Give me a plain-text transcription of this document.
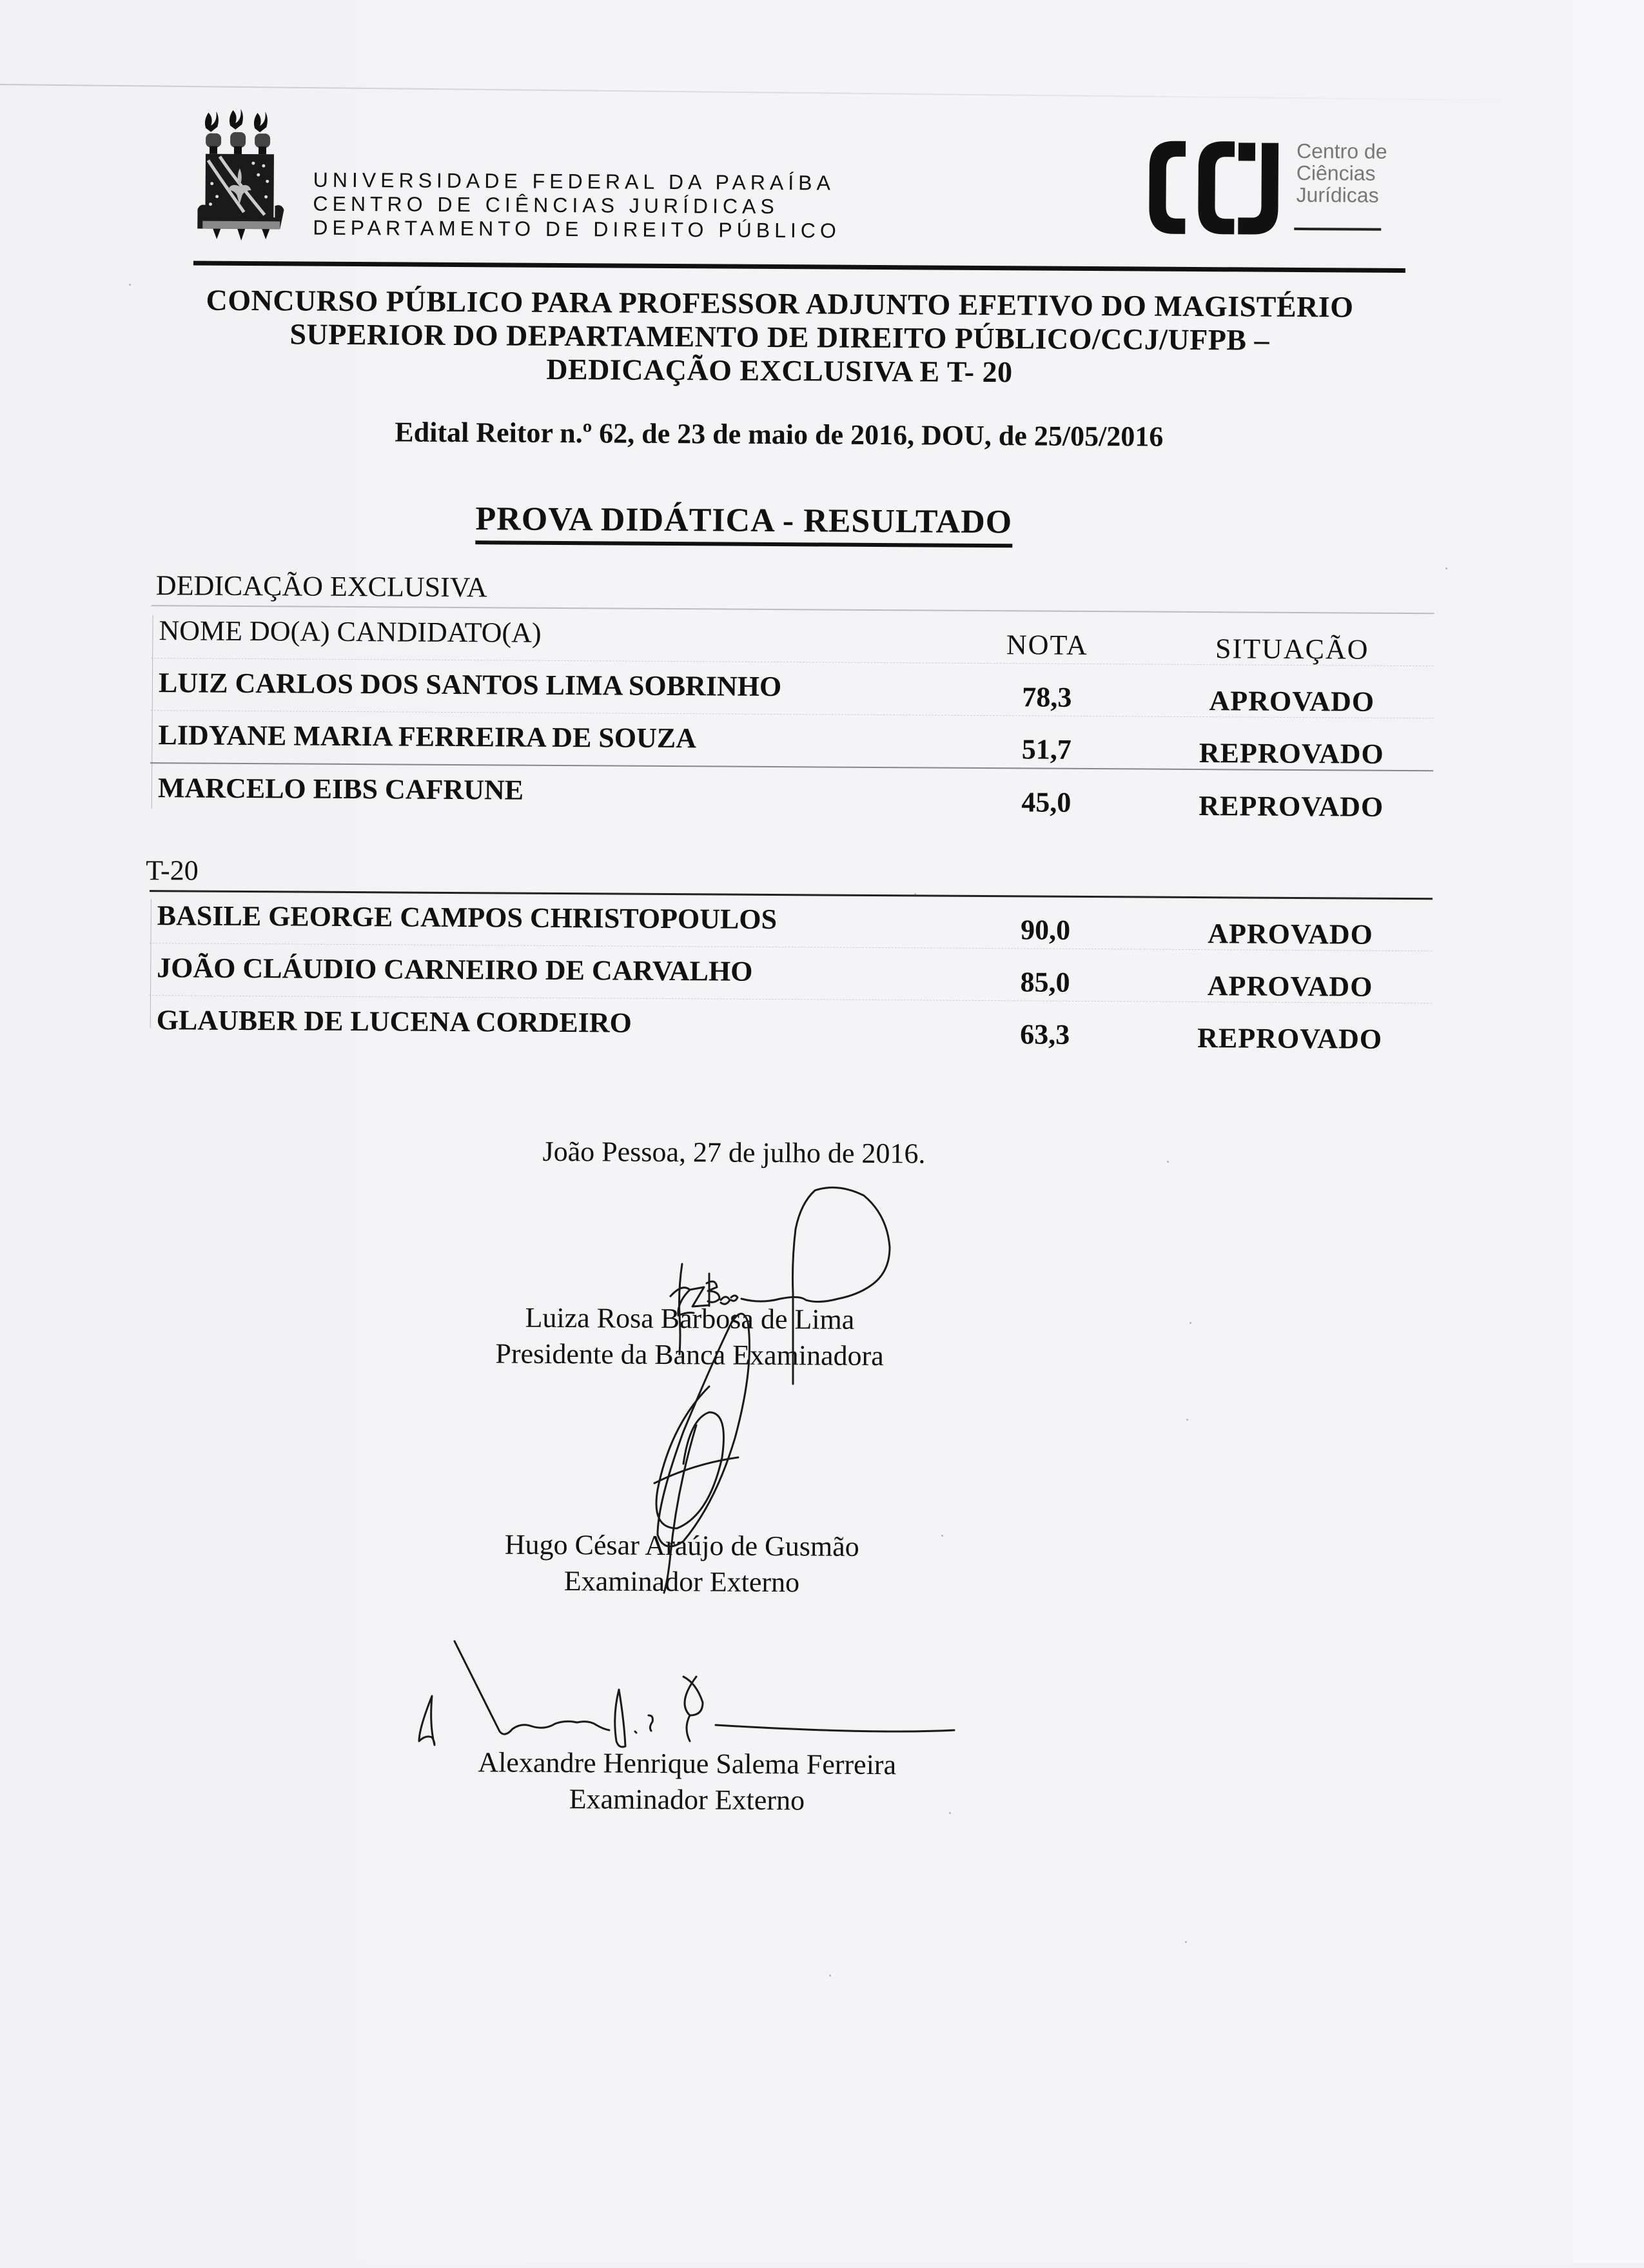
UNIVERSIDADE FEDERAL DA PARAÍBA
CENTRO DE CIÊNCIAS JURÍDICAS
DEPARTAMENTO DE DIREITO PÚBLICO
Centro de
Ciências
Jurídicas
CONCURSO PÚBLICO PARA PROFESSOR ADJUNTO EFETIVO DO MAGISTÉRIO
SUPERIOR DO DEPARTAMENTO DE DIREITO PÚBLICO/CCJ/UFPB –
DEDICAÇÃO EXCLUSIVA E T- 20
Edital Reitor n.º 62, de 23 de maio de 2016, DOU, de 25/05/2016
PROVA DIDÁTICA - RESULTADO
DEDICAÇÃO EXCLUSIVA
NOME DO(A) CANDIDATO(A)	NOTA	SITUAÇÃO
LUIZ CARLOS DOS SANTOS LIMA SOBRINHO	78,3	APROVADO
LIDYANE MARIA FERREIRA DE SOUZA	51,7	REPROVADO
MARCELO EIBS CAFRUNE	45,0	REPROVADO
T-20
BASILE GEORGE CAMPOS CHRISTOPOULOS	90,0	APROVADO
JOÃO CLÁUDIO CARNEIRO DE CARVALHO	85,0	APROVADO
GLAUBER DE LUCENA CORDEIRO	63,3	REPROVADO
João Pessoa, 27 de julho de 2016.
Luiza Rosa Barbosa de Lima
Presidente da Banca Examinadora
Hugo César Araújo de Gusmão
Examinador Externo
Alexandre Henrique Salema Ferreira
Examinador Externo
